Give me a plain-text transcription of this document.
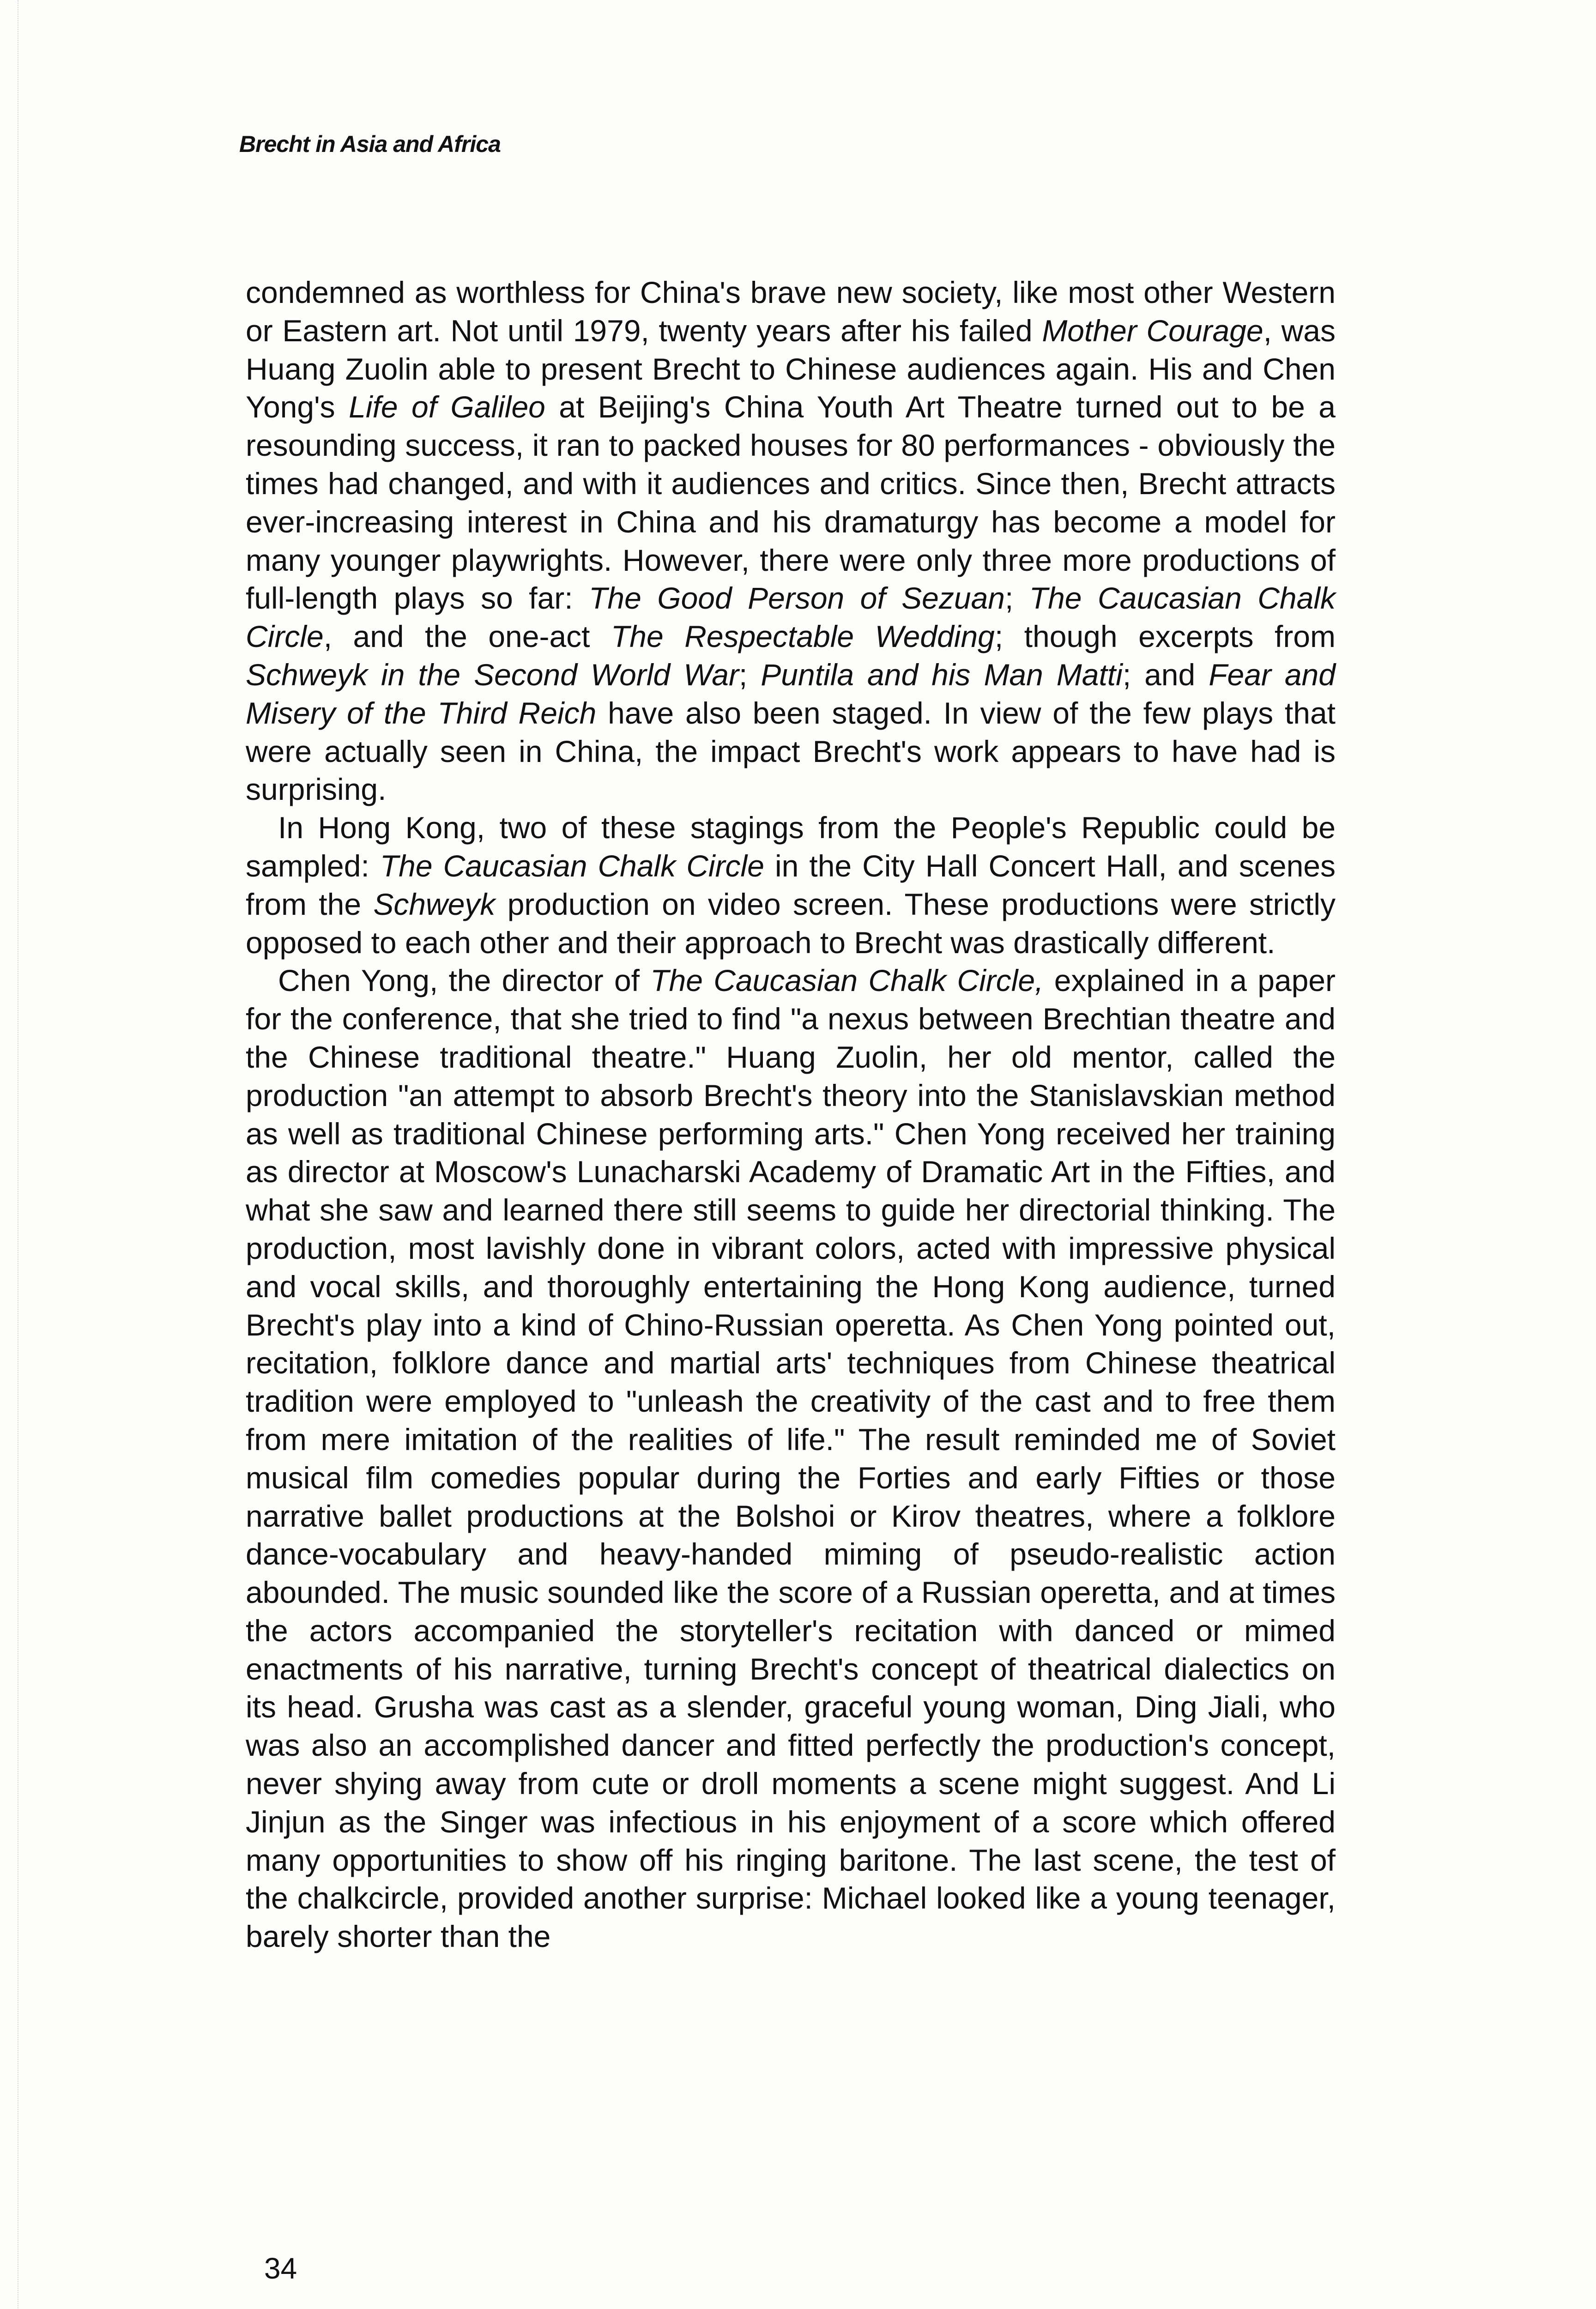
Brecht in Asia and Africa

condemned as worthless for China's brave new society, like most other Western or Eastern art. Not until 1979, twenty years after his failed Mother Courage, was Huang Zuolin able to present Brecht to Chinese audiences again. His and Chen Yong's Life of Galileo at Beijing's China Youth Art Theatre turned out to be a resounding success, it ran to packed houses for 80 performances - obviously the times had changed, and with it audiences and critics. Since then, Brecht attracts ever-increasing interest in China and his dramaturgy has become a model for many younger playwrights. However, there were only three more productions of full-length plays so far: The Good Person of Sezuan; The Caucasian Chalk Circle, and the one-act The Respectable Wedding; though excerpts from Schweyk in the Second World War; Puntila and his Man Matti; and Fear and Misery of the Third Reich have also been staged. In view of the few plays that were actually seen in China, the impact Brecht's work appears to have had is surprising.

In Hong Kong, two of these stagings from the People's Republic could be sampled: The Caucasian Chalk Circle in the City Hall Concert Hall, and scenes from the Schweyk production on video screen. These productions were strictly opposed to each other and their approach to Brecht was drastically different.

Chen Yong, the director of The Caucasian Chalk Circle, explained in a paper for the conference, that she tried to find "a nexus between Brechtian theatre and the Chinese traditional theatre." Huang Zuolin, her old mentor, called the production "an attempt to absorb Brecht's theory into the Stanislavskian method as well as traditional Chinese performing arts." Chen Yong received her training as director at Moscow's Lunacharski Academy of Dramatic Art in the Fifties, and what she saw and learned there still seems to guide her directorial thinking. The production, most lavishly done in vibrant colors, acted with impressive physical and vocal skills, and thoroughly entertaining the Hong Kong audience, turned Brecht's play into a kind of Chino-Russian operetta. As Chen Yong pointed out, recitation, folklore dance and martial arts' techniques from Chinese theatrical tradition were employed to "unleash the creativity of the cast and to free them from mere imitation of the realities of life." The result reminded me of Soviet musical film comedies popular during the Forties and early Fifties or those narrative ballet productions at the Bolshoi or Kirov theatres, where a folklore dance-vocabulary and heavy-handed miming of pseudo-realistic action abounded. The music sounded like the score of a Russian operetta, and at times the actors accompanied the storyteller's recitation with danced or mimed enactments of his narrative, turning Brecht's concept of theatrical dialectics on its head. Grusha was cast as a slender, graceful young woman, Ding Jiali, who was also an accomplished dancer and fitted perfectly the production's concept, never shying away from cute or droll moments a scene might suggest. And Li Jinjun as the Singer was infectious in his enjoyment of a score which offered many opportunities to show off his ringing baritone. The last scene, the test of the chalkcircle, provided another surprise: Michael looked like a young teenager, barely shorter than the

34
